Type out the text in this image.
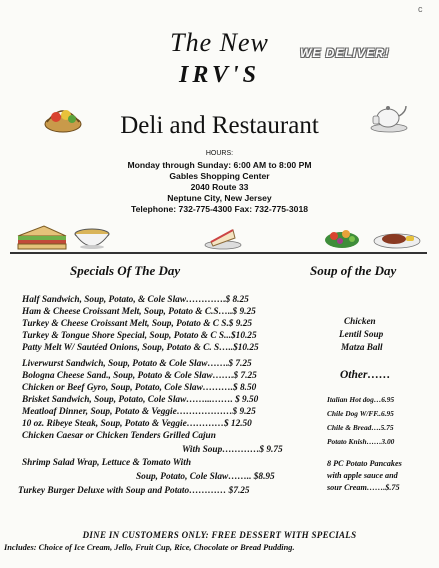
c
The New	WE DELIVER!
IRV'S
Deli and Restaurant
HOURS:
Monday through Sunday: 6:00 AM to 8:00 PM
Gables Shopping Center
2040 Route 33
Neptune City, New Jersey
Telephone: 732-775-4300 Fax: 732-775-3018
Specials Of The Day	Soup of the Day
Half Sandwich, Soup, Potato, & Cole Slaw………….$ 8.25
Ham & Cheese Croissant Melt, Soup, Potato & C.S…..$ 9.25
Turkey & Cheese Croissant Melt, Soup, Potato & C S.$ 9.25
Turkey & Tongue Shore Special, Soup, Potato & C S...$10.25
Patty Melt W/ Sautéed Onions, Soup, Potato & C. S…..$10.25
Liverwurst Sandwich, Soup, Potato & Cole Slaw…….$ 7.25
Bologna Cheese Sand., Soup, Potato & Cole Slaw…….$ 7.25
Chicken or Beef Gyro, Soup, Potato, Cole Slaw……….$ 8.50
Brisket Sandwich, Soup, Potato, Cole Slaw……...……. $ 9.50
Meatloaf Dinner, Soup, Potato & Veggie………………$ 9.25
10 oz. Ribeye Steak, Soup, Potato & Veggie…………$ 12.50
Chicken Caesar or Chicken Tenders Grilled Cajun
With Soup…………$ 9.75
Shrimp Salad Wrap, Lettuce & Tomato With
Soup, Potato, Cole Slaw…….. $8.95
Turkey Burger Deluxe with Soup and Potato………… $7.25
Chicken
Lentil Soup
Matza Ball
Other……
Italian Hot dog…6.95
Chile Dog W/FF..6.95
Chile & Bread….5.75
Potato Knish……3.00
8 PC Potato Pancakes
with apple sauce and
sour Cream…….$.75
DINE IN CUSTOMERS ONLY: FREE DESSERT WITH SPECIALS
Includes: Choice of Ice Cream, Jello, Fruit Cup, Rice, Chocolate or Bread Pudding.
